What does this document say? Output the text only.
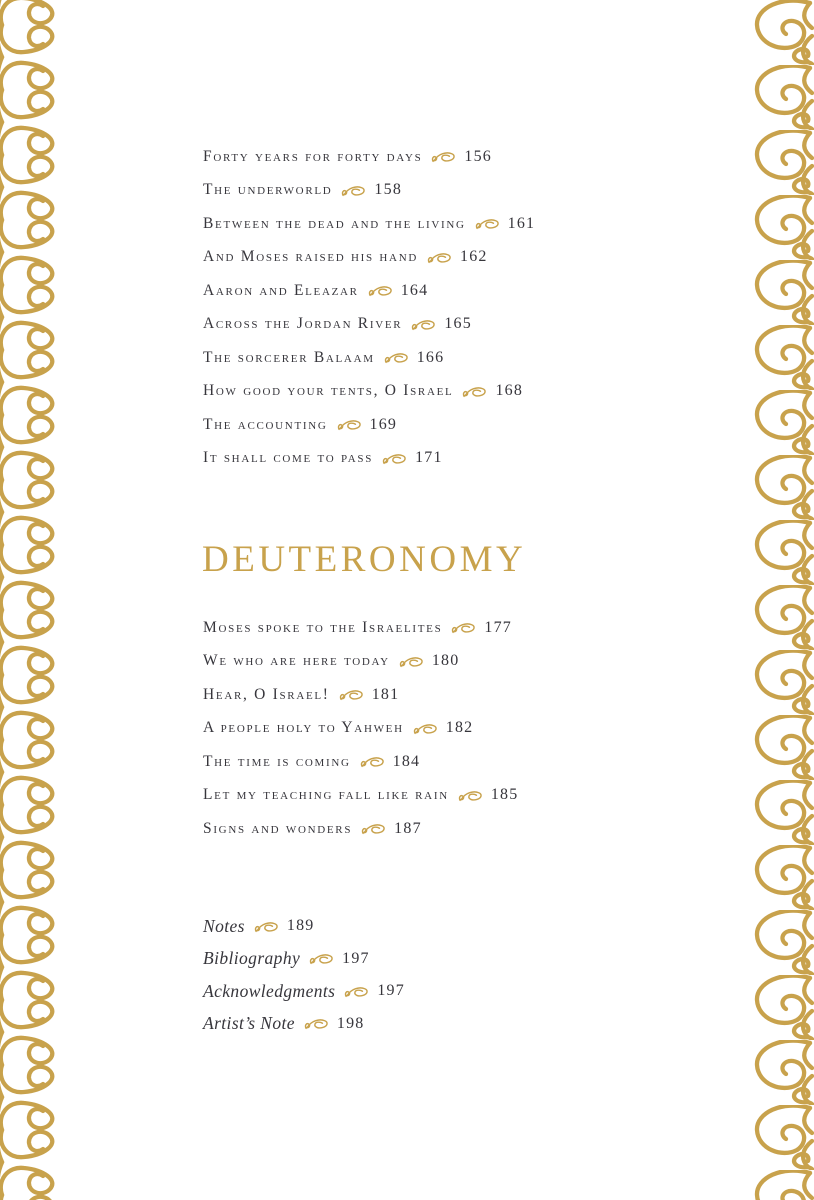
Forty years for forty days	156
The underworld	158
Between the dead and the living	161
And Moses raised his hand	162
Aaron and Eleazar	164
Across the Jordan River	165
The sorcerer Balaam	166
How good your tents, O Israel	168
The accounting	169
It shall come to pass	171
DEUTERONOMY
Moses spoke to the Israelites	177
We who are here today	180
Hear, O Israel!	181
A people holy to Yahweh	182
The time is coming	184
Let my teaching fall like rain	185
Signs and wonders	187
Notes	189
Bibliography	197
Acknowledgments	197
Artist’s Note	198
